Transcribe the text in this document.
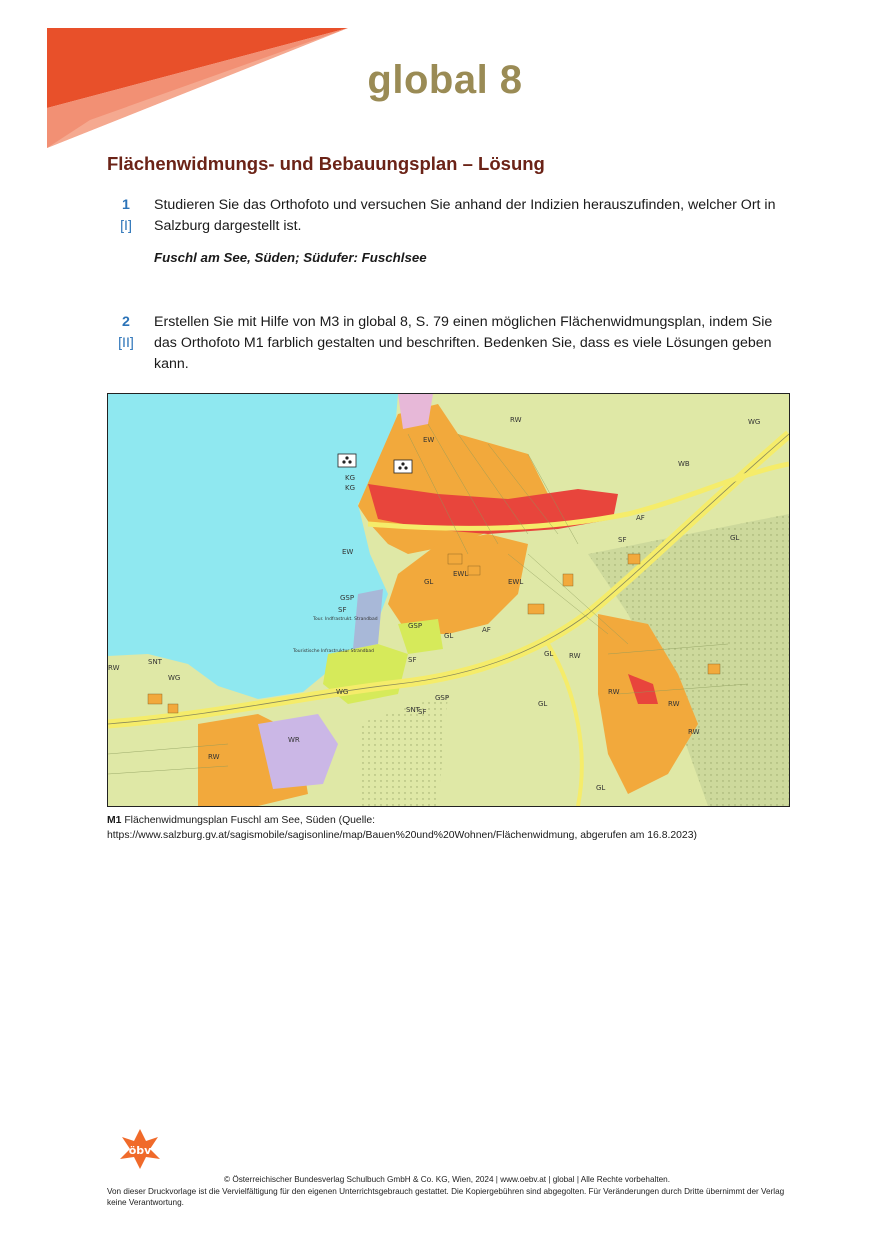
global 8
Flächenwidmungs- und Bebauungsplan – Lösung
1
[I]
Studieren Sie das Orthofoto und versuchen Sie anhand der Indizien herauszufinden, welcher Ort in Salzburg dargestellt ist.
Fuschl am See, Süden; Südufer: Fuschlsee
2
[II]
Erstellen Sie mit Hilfe von M3 in global 8, S. 79 einen möglichen Flächenwidmungsplan, indem Sie das Orthofoto M1 farblich gestalten und beschriften. Bedenken Sie, dass es viele Lösungen geben kann.
EW
RW
KG
KG
AF
GL
GSP
SF
GL
GL
GSP	AF
SNT
WG
RW
WG
SF
GSP
GL
GL RW
GL
EW
EWL
EWL
SF
WG
WB
WR
RW
RW
RW
RW
SF
SNT
Tour. Indfrastrukt. Strandbad
Touristische Infrastruktur Strandbad
M1 Flächenwidmungsplan Fuschl am See, Süden (Quelle: https://www.salzburg.gv.at/sagismobile/sagisonline/map/Bauen%20und%20Wohnen/Flächenwidmung, abgerufen am 16.8.2023)
öbv
© Österreichischer Bundesverlag Schulbuch GmbH & Co. KG, Wien, 2024 | www.oebv.at | global | Alle Rechte vorbehalten.
Von dieser Druckvorlage ist die Vervielfältigung für den eigenen Unterrichtsgebrauch gestattet. Die Kopiergebühren sind abgegolten. Für Veränderungen durch Dritte übernimmt der Verlag keine Verantwortung.
